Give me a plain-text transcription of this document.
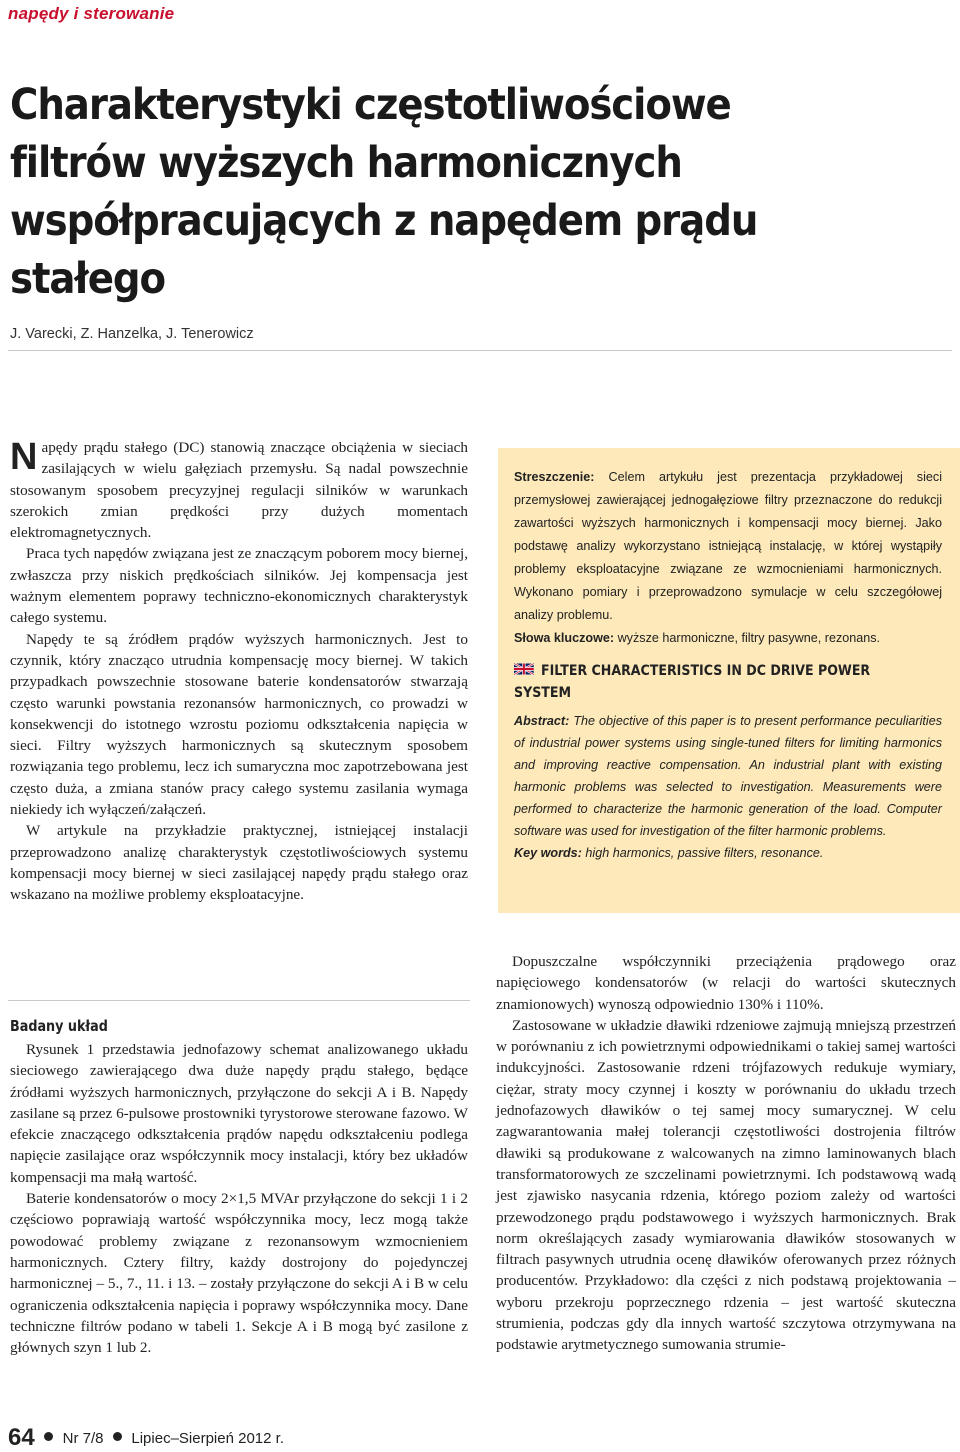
napędy i sterowanie
Charakterystyki częstotliwościowe filtrów wyższych harmonicznych współpracujących z napędem prądu stałego
J. Varecki, Z. Hanzelka, J. Tenerowicz

Napędy prądu stałego (DC) stanowią znaczące obciążenia w sieciach zasilających w wielu gałęziach przemysłu. Są nadal powszechnie stosowanym sposobem precyzyjnej regulacji silników w warunkach szerokich zmian prędkości przy dużych momentach elektromagnetycznych.

Praca tych napędów związana jest ze znaczącym poborem mocy biernej, zwłaszcza przy niskich prędkościach silników. Jej kompensacja jest ważnym elementem poprawy techniczno-ekonomicznych charakterystyk całego systemu.

Napędy te są źródłem prądów wyższych harmonicznych. Jest to czynnik, który znacząco utrudnia kompensację mocy biernej. W takich przypadkach powszechnie stosowane baterie kondensatorów stwarzają często warunki powstania rezonansów harmonicznych, co prowadzi w konsekwencji do istotnego wzrostu poziomu odkształcenia napięcia w sieci. Filtry wyższych harmonicznych są skutecznym sposobem rozwiązania tego problemu, lecz ich sumaryczna moc zapotrzebowana jest często duża, a zmiana stanów pracy całego systemu zasilania wymaga niekiedy ich wyłączeń/załączeń.

W artykule na przykładzie praktycznej, istniejącej instalacji przeprowadzono analizę charakterystyk częstotliwościowych systemu kompensacji mocy biernej w sieci zasilającej napędy prądu stałego oraz wskazano na możliwe problemy eksploatacyjne.

Badany układ

Rysunek 1 przedstawia jednofazowy schemat analizowanego układu sieciowego zawierającego dwa duże napędy prądu stałego, będące źródłami wyższych harmonicznych, przyłączone do sekcji A i B. Napędy zasilane są przez 6-pulsowe prostowniki tyrystorowe sterowane fazowo. W efekcie znaczącego odkształcenia prądów napędu odkształceniu podlega napięcie zasilające oraz współczynnik mocy instalacji, który bez układów kompensacji ma małą wartość.

Baterie kondensatorów o mocy 2×1,5 MVAr przyłączone do sekcji 1 i 2 częściowo poprawiają wartość współczynnika mocy, lecz mogą także powodować problemy związane z rezonansowym wzmocnieniem harmonicznych. Cztery filtry, każdy dostrojony do pojedynczej harmonicznej – 5., 7., 11. i 13. – zostały przyłączone do sekcji A i B w celu ograniczenia odkształcenia napięcia i poprawy współczynnika mocy. Dane techniczne filtrów podano w tabeli 1. Sekcje A i B mogą być zasilone z głównych szyn 1 lub 2.

Streszczenie: Celem artykułu jest prezentacja przykładowej sieci przemysłowej zawierającej jednogałęziowe filtry przeznaczone do redukcji zawartości wyższych harmonicznych i kompensacji mocy biernej. Jako podstawę analizy wykorzystano istniejącą instalację, w której wystąpiły problemy eksploatacyjne związane ze wzmocnieniami harmonicznych. Wykonano pomiary i przeprowadzono symulacje w celu szczegółowej analizy problemu.

Słowa kluczowe: wyższe harmoniczne, filtry pasywne, rezonans.

FILTER CHARACTERISTICS IN DC DRIVE POWER SYSTEM
Abstract: The objective of this paper is to present performance peculiarities of industrial power systems using single-tuned filters for limiting harmonics and improving reactive compensation. An industrial plant with existing harmonic problems was selected to investigation. Measurements were performed to characterize the harmonic generation of the load. Computer software was used for investigation of the filter harmonic problems.
Key words: high harmonics, passive filters, resonance.

Dopuszczalne współczynniki przeciążenia prądowego oraz napięciowego kondensatorów (w relacji do wartości skutecznych znamionowych) wynoszą odpowiednio 130% i 110%.

Zastosowane w układzie dławiki rdzeniowe zajmują mniejszą przestrzeń w porównaniu z ich powietrznymi odpowiednikami o takiej samej wartości indukcyjności. Zastosowanie rdzeni trójfazowych redukuje wymiary, ciężar, straty mocy czynnej i koszty w porównaniu do układu trzech jednofazowych dławików o tej samej mocy sumarycznej. W celu zagwarantowania małej tolerancji częstotliwości dostrojenia filtrów dławiki są produkowane z walcowanych na zimno laminowanych blach transformatorowych ze szczelinami powietrznymi. Ich podstawową wadą jest zjawisko nasycania rdzenia, którego poziom zależy od wartości przewodzonego prądu podstawowego i wyższych harmonicznych. Brak norm określających zasady wymiarowania dławików stosowanych w filtrach pasywnych utrudnia ocenę dławików oferowanych przez różnych producentów. Przykładowo: dla części z nich podstawą projektowania – wyboru przekroju poprzecznego rdzenia – jest wartość skuteczna strumienia, podczas gdy dla innych wartość szczytowa otrzymywana na podstawie arytmetycznego sumowania strumie-

64 Nr 7/8 Lipiec–Sierpień 2012 r.
